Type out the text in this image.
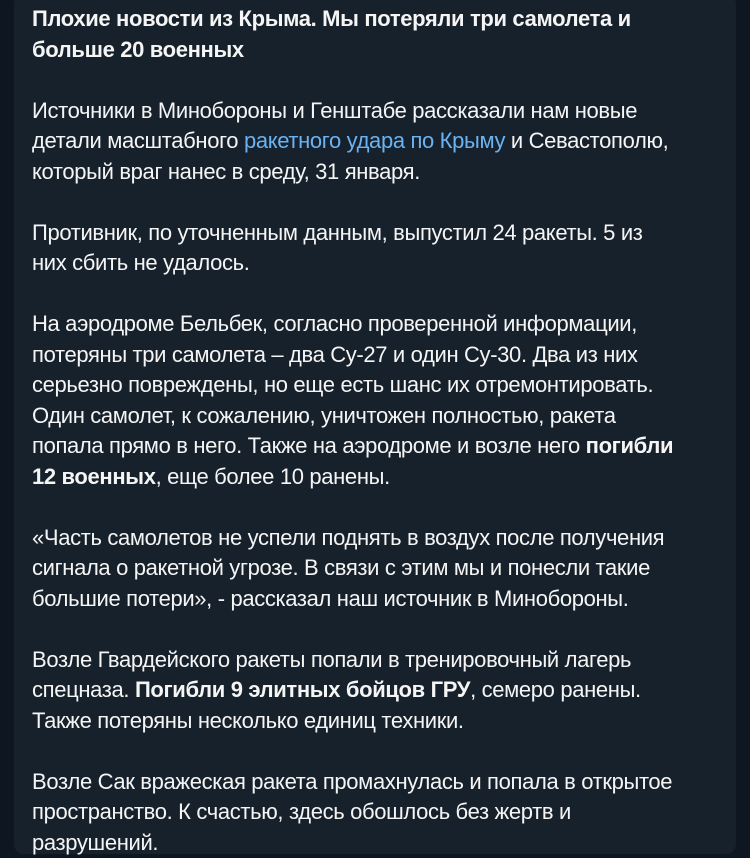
Плохие новости из Крыма. Мы потеряли три самолета и
больше 20 военных
Источники в Минобороны и Генштабе рассказали нам новые
детали масштабного ракетного удара по Крыму и Севастополю,
который враг нанес в среду, 31 января.
Противник, по уточненным данным, выпустил 24 ракеты. 5 из
них сбить не удалось.
На аэродроме Бельбек, согласно проверенной информации,
потеряны три самолета – два Су-27 и один Су-30. Два из них
серьезно повреждены, но еще есть шанс их отремонтировать.
Один самолет, к сожалению, уничтожен полностью, ракета
попала прямо в него. Также на аэродроме и возле него погибли
12 военных, еще более 10 ранены.
«Часть самолетов не успели поднять в воздух после получения
сигнала о ракетной угрозе. В связи с этим мы и понесли такие
большие потери», - рассказал наш источник в Минобороны.
Возле Гвардейского ракеты попали в тренировочный лагерь
спецназа. Погибли 9 элитных бойцов ГРУ, семеро ранены.
Также потеряны несколько единиц техники.
Возле Сак вражеская ракета промахнулась и попала в открытое
пространство. К счастью, здесь обошлось без жертв и
разрушений.
